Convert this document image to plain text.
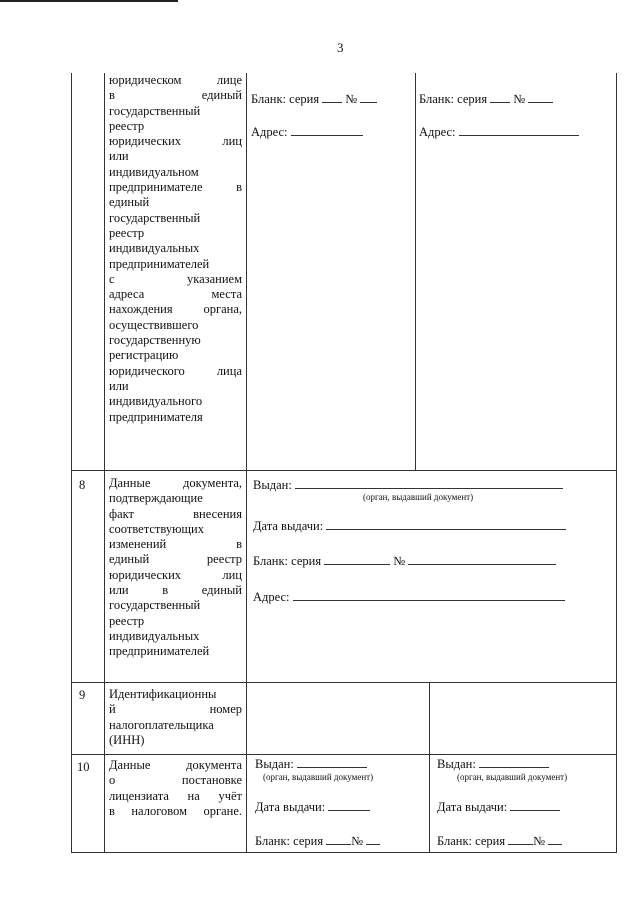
3
юридическом лице
в единый
государственный
реестр
юридических лиц
или
индивидуальном
предпринимателе в
единый
государственный
реестр
индивидуальных
предпринимателей
с указанием
адреса места
нахождения органа,
осуществившего
государственную
регистрацию
юридического лица
или
индивидуального
предпринимателя
Бланк: серия №
Адрес:
Бланк: серия №
Адрес:
8 Данные документа,
подтверждающие
факт внесения
соответствующих
изменений в
единый реестр
юридических лиц
или в единый
государственный
реестр
индивидуальных
предпринимателей
Выдан:
(орган, выдавший документ)
Дата выдачи:
Бланк: серия	№
Адрес:
9 Идентификационны
й номер
налогоплательщика
(ИНН)
10 Данные документа
о постановке
лицензиата на учёт
в налоговом органе.
Выдан:
(орган, выдавший документ)
Дата выдачи:
Бланк: серия №
Выдан:
(орган, выдавший документ)
Дата выдачи:
Бланк: серия №
